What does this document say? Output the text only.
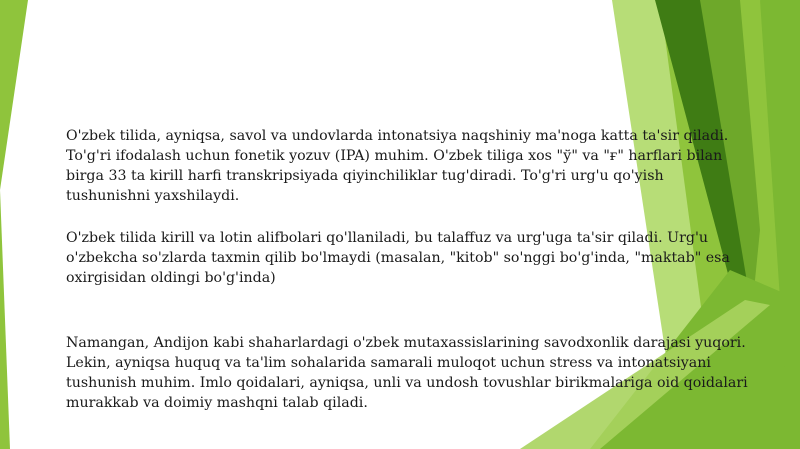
O'zbek tilida, ayniqsa, savol va undovlarda intonatsiya naqshiniy ma'noga katta ta'sir qiladi.
To'g'ri ifodalash uchun fonetik yozuv (IPA) muhim. O'zbek tiliga xos "ў" va "ғ" harflari bilan
birga 33 ta kirill harfi transkripsiyada qiyinchiliklar tug'diradi. To'g'ri urg'u qo'yish
tushunishni yaxshilaydi.
O'zbek tilida kirill va lotin alifbolari qo'llaniladi, bu talaffuz va urg'uga ta'sir qiladi. Urg'u
o'zbekcha so'zlarda taxmin qilib bo'lmaydi (masalan, "kitob" so'nggi bo'g'inda, "maktab" esa
oxirgisidan oldingi bo'g'inda)
Namangan, Andijon kabi shaharlardagi o'zbek mutaxassislarining savodxonlik darajasi yuqori.
Lekin, ayniqsa huquq va ta'lim sohalarida samarali muloqot uchun stress va intonatsiyani
tushunish muhim. Imlo qoidalari, ayniqsa, unli va undosh tovushlar birikmalariga oid qoidalari
murakkab va doimiy mashqni talab qiladi.
